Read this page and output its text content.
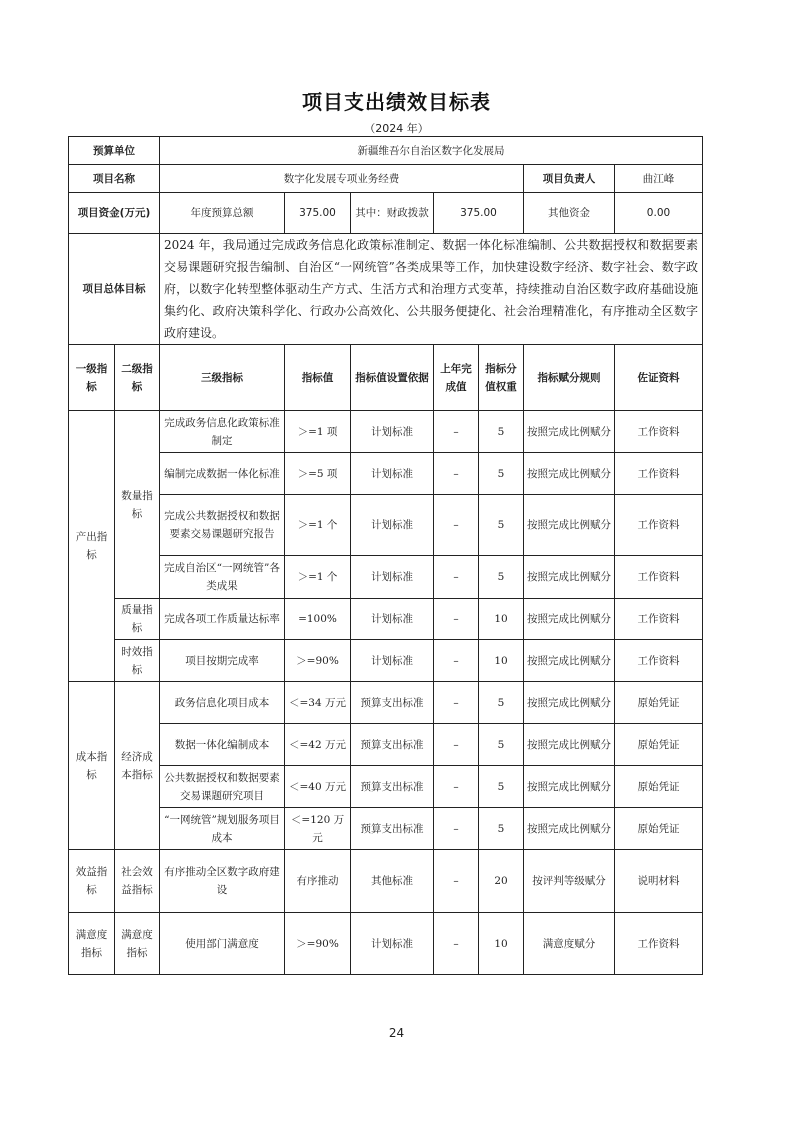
项目支出绩效目标表
（2024 年）
预算单位		新疆维吾尔自治区数字化发展局						
项目名称		数字化发展专项业务经费					项目负责人	曲江峰
项目资金(万元)		年度预算总额	375.00	其中：财政拨款	375.00		其他资金	0.00
项目总体目标		2024 年，我局通过完成政务信息化政策标准制定、数据一体化标准编制、公共数据授权和数据要素交易课题研究报告编制、自治区“一网统管”各类成果等工作，加快建设数字经济、数字社会、数字政府，以数字化转型整体驱动生产方式、生活方式和治理方式变革，持续推动自治区数字政府基础设施集约化、政府决策科学化、行政办公高效化、公共服务便捷化、社会治理精准化，有序推动全区数字政府建设。						
一级指标	二级指标	三级指标	指标值	指标值设置依据	上年完成值	指标分值权重	指标赋分规则	佐证资料
产出指标	数量指标	完成政务信息化政策标准制定	＞=1 项	计划标准	–	5	按照完成比例赋分	工作资料
		编制完成数据一体化标准	＞=5 项	计划标准	–	5	按照完成比例赋分	工作资料
		完成公共数据授权和数据要素交易课题研究报告	＞=1 个	计划标准	–	5	按照完成比例赋分	工作资料
		完成自治区“一网统管”各类成果	＞=1 个	计划标准	–	5	按照完成比例赋分	工作资料
	质量指标	完成各项工作质量达标率	=100%	计划标准	–	10	按照完成比例赋分	工作资料
	时效指标	项目按期完成率	＞=90%	计划标准	–	10	按照完成比例赋分	工作资料
成本指标	经济成本指标	政务信息化项目成本	＜=34 万元	预算支出标准	–	5	按照完成比例赋分	原始凭证
		数据一体化编制成本	＜=42 万元	预算支出标准	–	5	按照完成比例赋分	原始凭证
		公共数据授权和数据要素交易课题研究项目	＜=40 万元	预算支出标准	–	5	按照完成比例赋分	原始凭证
		“一网统管”规划服务项目成本	＜=120 万元	预算支出标准	–	5	按照完成比例赋分	原始凭证
效益指标	社会效益指标	有序推动全区数字政府建设	有序推动	其他标准	–	20	按评判等级赋分	说明材料
满意度指标	满意度指标	使用部门满意度	＞=90%	计划标准	–	10	满意度赋分	工作资料
24
